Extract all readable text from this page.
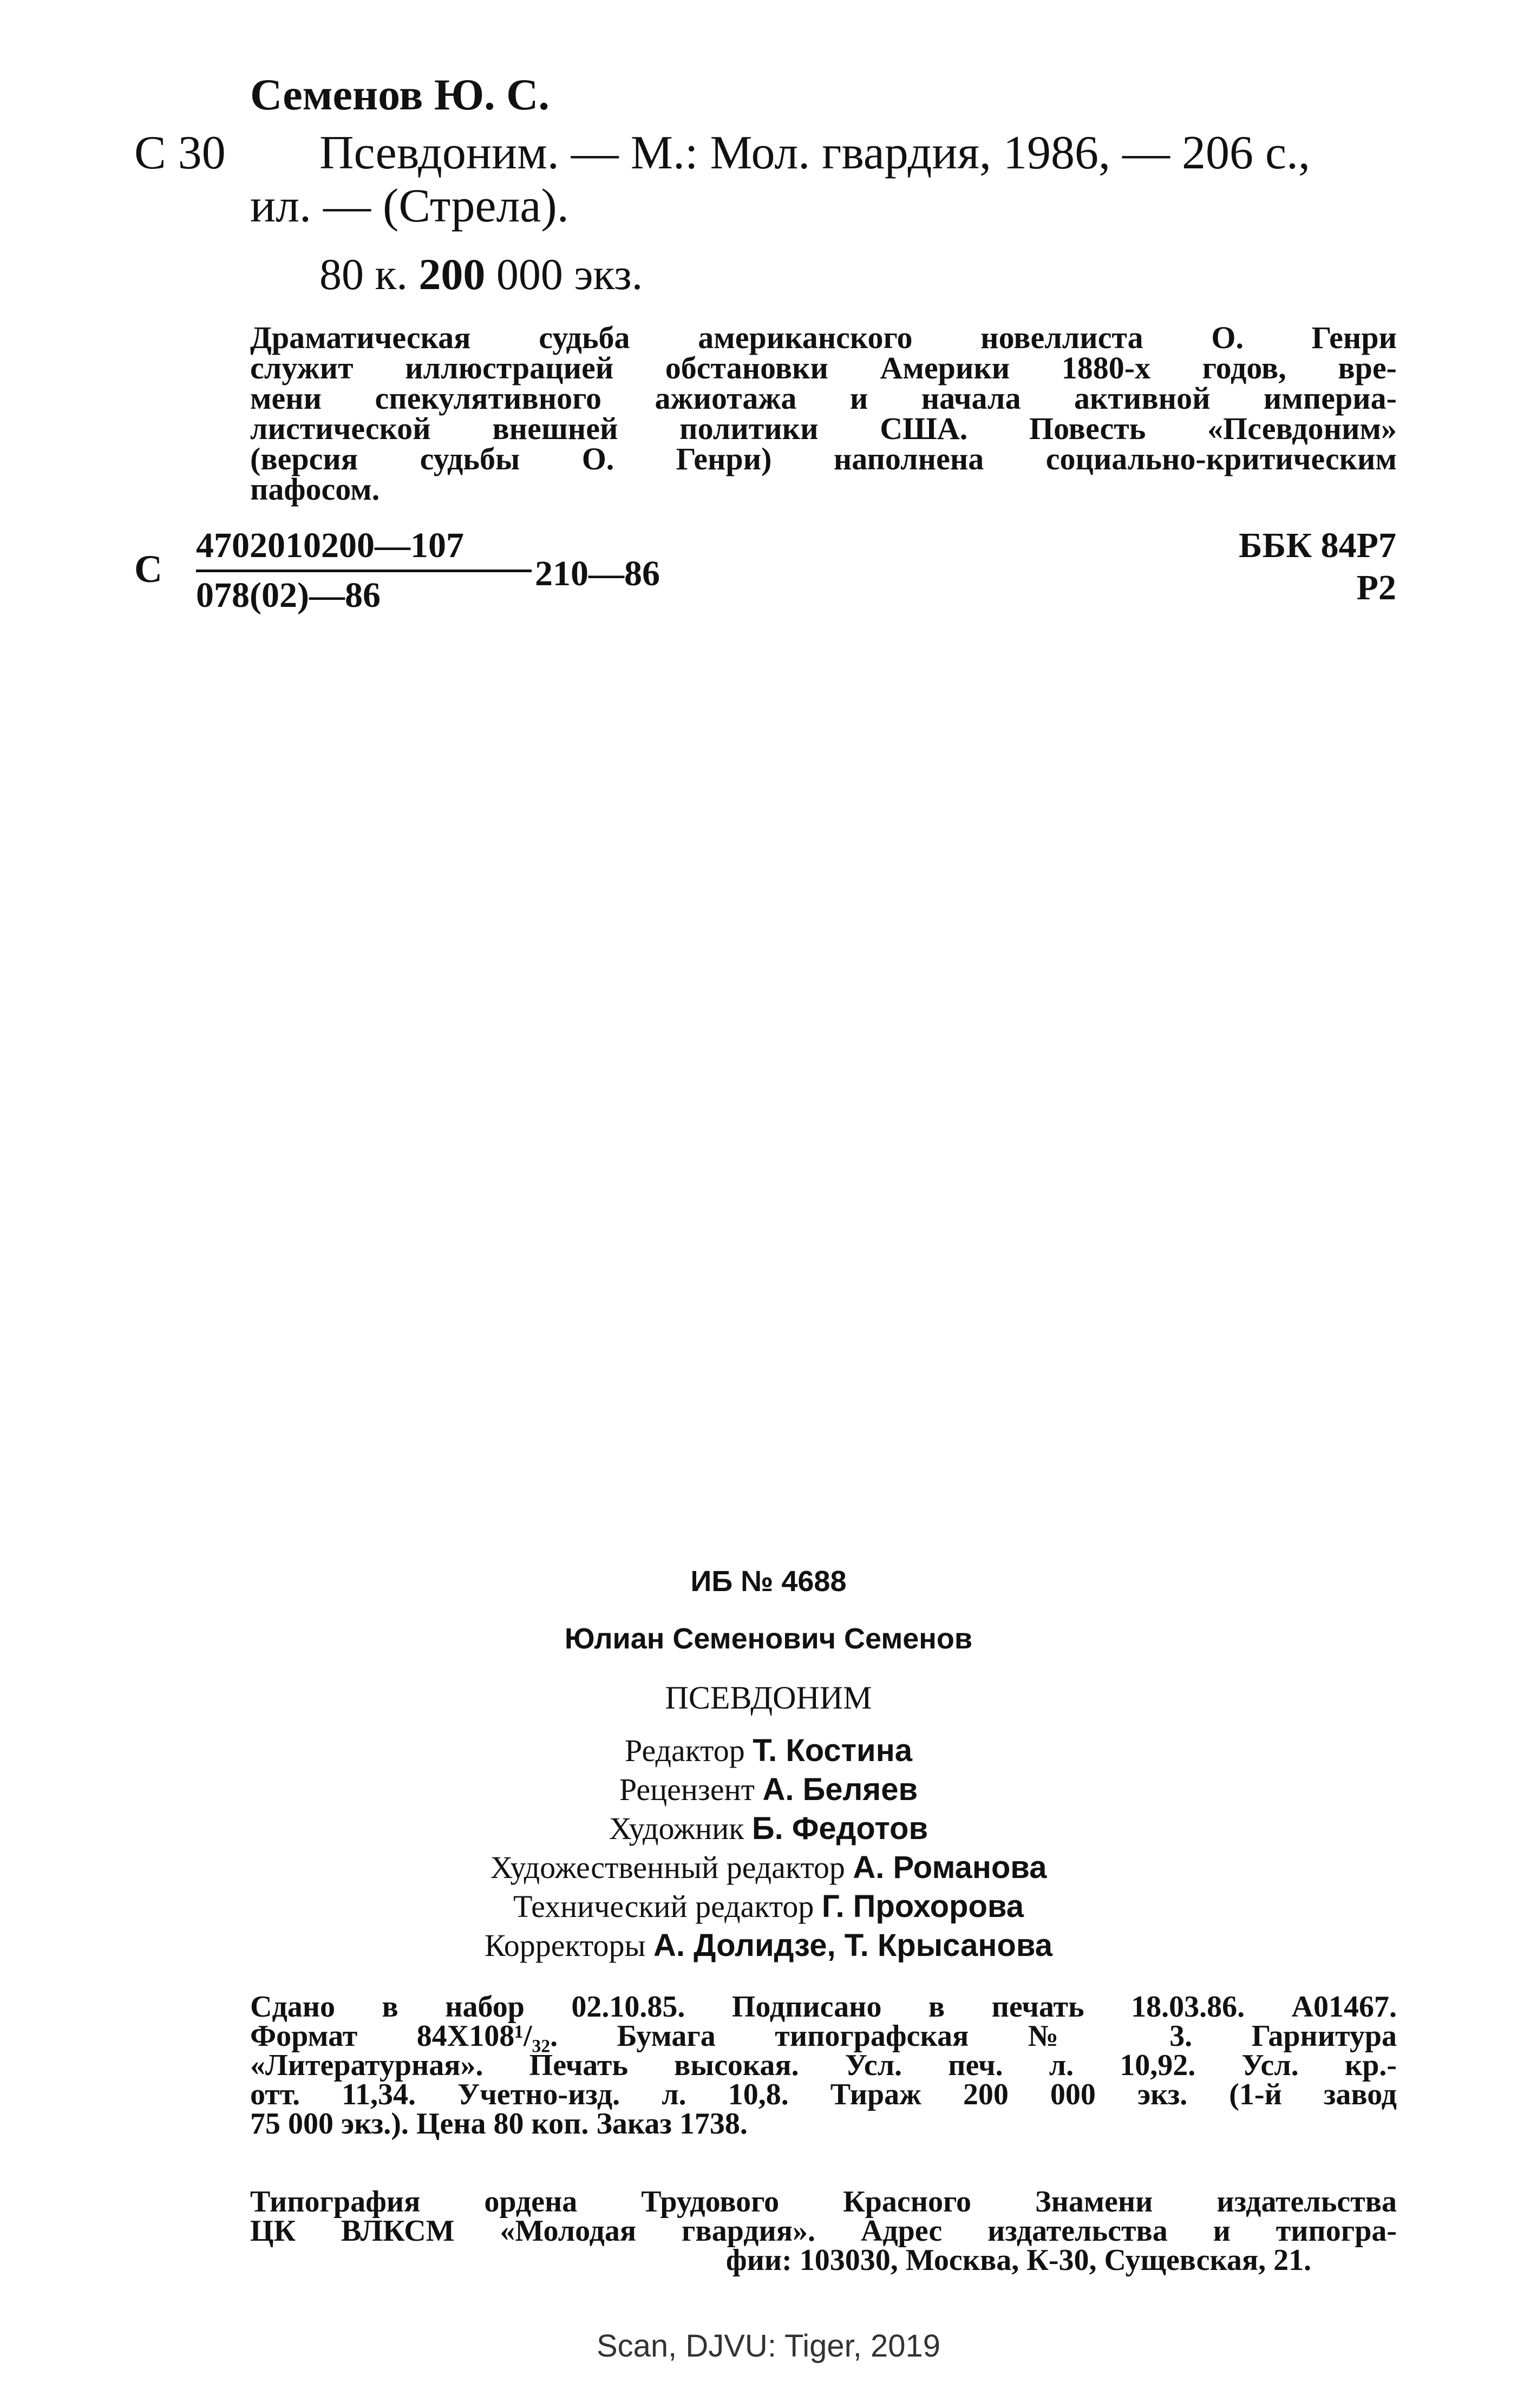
Семенов Ю. С.
С 30 Псевдоним. — М.: Мол. гвардия, 1986, — 206 с.,
ил. — (Стрела).
80 к. 200 000 экз.
Драматическая судьба американского новеллиста О. Генри
служит иллюстрацией обстановки Америки 1880-х годов, вре-
мени спекулятивного ажиотажа и начала активной империа-
листической внешней политики США. Повесть «Псевдоним»
(версия судьбы О. Генри) наполнена социально-критическим
пафосом.
С
4702010200—107
078(02)—86
210—86
ББК 84Р7
Р2
ИБ № 4688
Юлиан Семенович Семенов
ПСЕВДОНИМ
Редактор Т. Костина
Рецензент А. Беляев
Художник Б. Федотов
Художественный редактор А. Романова
Технический редактор Г. Прохорова
Корректоры А. Долидзе, Т. Крысанова
Сдано в набор 02.10.85. Подписано в печать 18.03.86. А01467.
Формат 84Х108¹/₃₂. Бумага типографская № 3. Гарнитура
«Литературная». Печать высокая. Усл. печ. л. 10,92. Усл. кр.-
отт. 11,34. Учетно-изд. л. 10,8. Тираж 200 000 экз. (1-й завод
75 000 экз.). Цена 80 коп. Заказ 1738.
Типография ордена Трудового Красного Знамени издательства
ЦК ВЛКСМ «Молодая гвардия». Адрес издательства и типогра-
фии: 103030, Москва, К-30, Сущевская, 21.
Scan, DJVU: Tiger, 2019
